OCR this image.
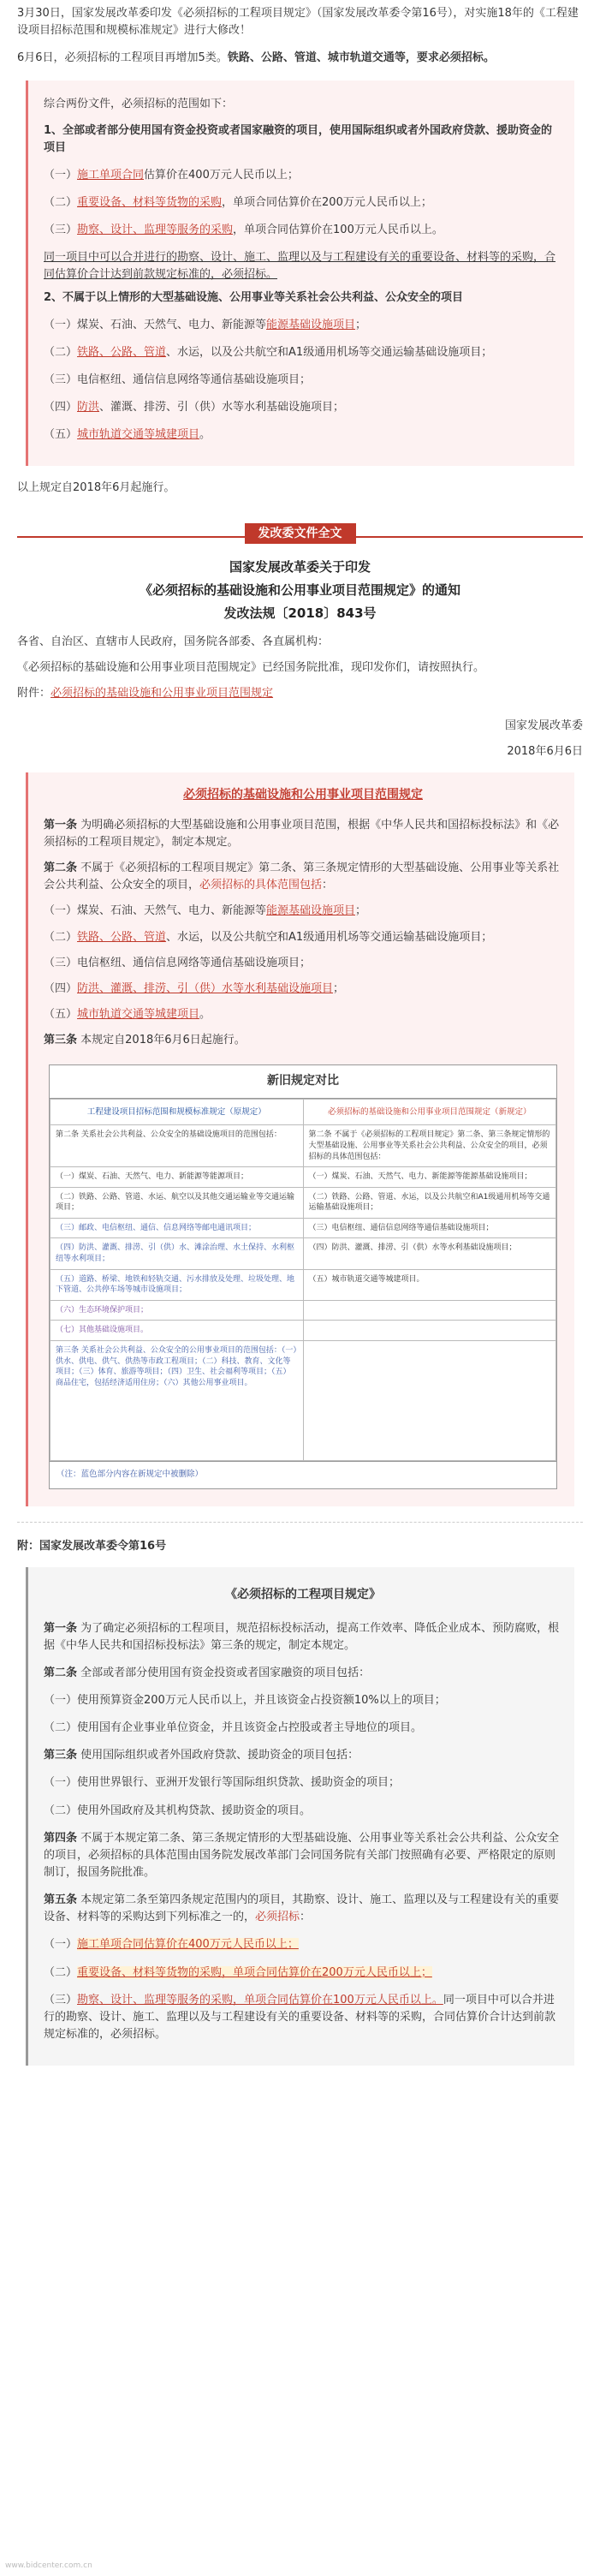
3月30日，国家发展改革委印发《必须招标的工程项目规定》（国家发展改革委令第16号），对实施18年的《工程建设项目招标范围和规模标准规定》进行大修改！

6月6日，必须招标的工程项目再增加5类。铁路、公路、管道、城市轨道交通等，要求必须招标。

综合两份文件，必须招标的范围如下：

1、全部或者部分使用国有资金投资或者国家融资的项目，使用国际组织或者外国政府贷款、援助资金的项目

（一）施工单项合同估算价在400万元人民币以上；

（二）重要设备、材料等货物的采购，单项合同估算价在200万元人民币以上；

（三）勘察、设计、监理等服务的采购，单项合同估算价在100万元人民币以上。

同一项目中可以合并进行的勘察、设计、施工、监理以及与工程建设有关的重要设备、材料等的采购，合同估算价合计达到前款规定标准的，必须招标。

2、不属于以上情形的大型基础设施、公用事业等关系社会公共利益、公众安全的项目

（一）煤炭、石油、天然气、电力、新能源等能源基础设施项目；

（二）铁路、公路、管道、水运，以及公共航空和A1级通用机场等交通运输基础设施项目；

（三）电信枢纽、通信信息网络等通信基础设施项目；

（四）防洪、灌溉、排涝、引（供）水等水利基础设施项目；

（五）城市轨道交通等城建项目。

以上规定自2018年6月起施行。

发改委文件全文
国家发展改革委关于印发
《必须招标的基础设施和公用事业项目范围规定》的通知
发改法规〔2018〕843号

各省、自治区、直辖市人民政府，国务院各部委、各直属机构：

《必须招标的基础设施和公用事业项目范围规定》已经国务院批准，现印发你们，请按照执行。

附件：必须招标的基础设施和公用事业项目范围规定

国家发展改革委

2018年6月6日

必须招标的基础设施和公用事业项目范围规定

第一条 为明确必须招标的大型基础设施和公用事业项目范围，根据《中华人民共和国招标投标法》和《必须招标的工程项目规定》，制定本规定。

第二条 不属于《必须招标的工程项目规定》第二条、第三条规定情形的大型基础设施、公用事业等关系社会公共利益、公众安全的项目，必须招标的具体范围包括：

（一）煤炭、石油、天然气、电力、新能源等能源基础设施项目；

（二）铁路、公路、管道、水运，以及公共航空和A1级通用机场等交通运输基础设施项目；

（三）电信枢纽、通信信息网络等通信基础设施项目；

（四）防洪、灌溉、排涝、引（供）水等水利基础设施项目；

（五）城市轨道交通等城建项目。

第三条 本规定自2018年6月6日起施行。

新旧规定对比
工程建设项目招标范围和规模标准规定（原规定）	必须招标的基础设施和公用事业项目范围规定（新规定）
第二条 关系社会公共利益、公众安全的基础设施项目的范围包括：	第二条 不属于《必须招标的工程项目规定》第二条、第三条规定情形的大型基础设施、公用事业等关系社会公共利益、公众安全的项目，必须招标的具体范围包括：
（一）煤炭、石油、天然气、电力、新能源等能源项目；	（一）煤炭、石油、天然气、电力、新能源等能源基础设施项目；
（二）铁路、公路、管道、水运、航空以及其他交通运输业等交通运输项目；	（二）铁路、公路、管道、水运，以及公共航空和A1级通用机场等交通运输基础设施项目；
（三）邮政、电信枢纽、通信、信息网络等邮电通讯项目；	（三）电信枢纽、通信信息网络等通信基础设施项目；
（四）防洪、灌溉、排涝、引（供）水、滩涂治理、水土保持、水利枢纽等水利项目；	（四）防洪、灌溉、排涝、引（供）水等水利基础设施项目；
（五）道路、桥梁、地铁和轻轨交通、污水排放及处理、垃圾处理、地下管道、公共停车场等城市设施项目；	（五）城市轨道交通等城建项目。
（六）生态环境保护项目；	
（七）其他基础设施项目。	
第三条 关系社会公共利益、公众安全的公用事业项目的范围包括：（一）供水、供电、供气、供热等市政工程项目；（二）科技、教育、文化等项目；（三）体育、旅游等项目；（四）卫生、社会福利等项目；（五）商品住宅，包括经济适用住房；（六）其他公用事业项目。	
（注：蓝色部分内容在新规定中被删除）

附：国家发展改革委令第16号

《必须招标的工程项目规定》

第一条 为了确定必须招标的工程项目，规范招标投标活动，提高工作效率、降低企业成本、预防腐败，根据《中华人民共和国招标投标法》第三条的规定，制定本规定。

第二条 全部或者部分使用国有资金投资或者国家融资的项目包括：

（一）使用预算资金200万元人民币以上，并且该资金占投资额10%以上的项目；

（二）使用国有企业事业单位资金，并且该资金占控股或者主导地位的项目。

第三条 使用国际组织或者外国政府贷款、援助资金的项目包括：

（一）使用世界银行、亚洲开发银行等国际组织贷款、援助资金的项目；

（二）使用外国政府及其机构贷款、援助资金的项目。

第四条 不属于本规定第二条、第三条规定情形的大型基础设施、公用事业等关系社会公共利益、公众安全的项目，必须招标的具体范围由国务院发展改革部门会同国务院有关部门按照确有必要、严格限定的原则制订，报国务院批准。

第五条 本规定第二条至第四条规定范围内的项目，其勘察、设计、施工、监理以及与工程建设有关的重要设备、材料等的采购达到下列标准之一的，必须招标：

（一）施工单项合同估算价在400万元人民币以上；

（二）重要设备、材料等货物的采购，单项合同估算价在200万元人民币以上；

（三）勘察、设计、监理等服务的采购，单项合同估算价在100万元人民币以上。同一项目中可以合并进行的勘察、设计、施工、监理以及与工程建设有关的重要设备、材料等的采购，合同估算价合计达到前款规定标准的，必须招标。

www.bidcenter.com.cn
